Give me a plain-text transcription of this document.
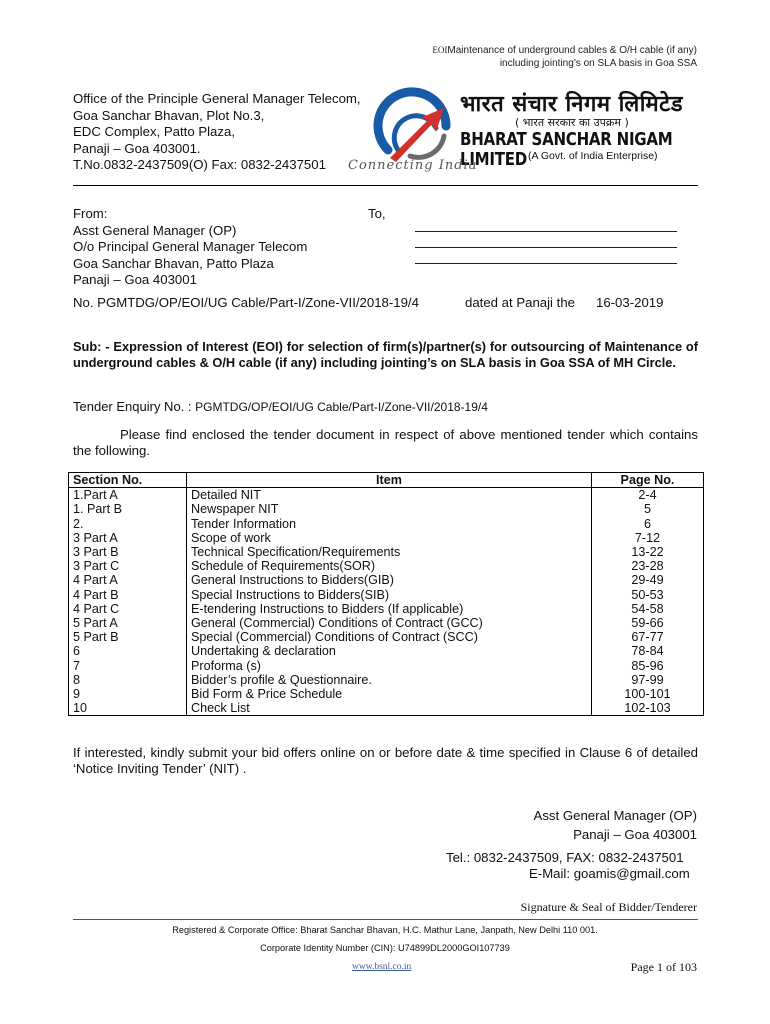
EOIMaintenance of underground cables & O/H cable (if any)
including jointing’s on SLA basis in Goa SSA
Office of the Principle General Manager Telecom,
Goa Sanchar Bhavan, Plot No.3,
EDC Complex, Patto Plaza,
Panaji – Goa 403001.
T.No.0832-2437509(O) Fax: 0832-2437501
भारत संचार निगम लिमिटेड
( भारत सरकार का उपक्रम )
BHARAT SANCHAR NIGAM LIMITED (A Govt. of India Enterprise)
Connecting India
From:
Asst General Manager (OP)
O/o Principal General Manager Telecom
Goa Sanchar Bhavan, Patto Plaza
Panaji – Goa 403001
To,
No. PGMTDG/OP/EOI/UG Cable/Part-I/Zone-VII/2018-19/4	dated at Panaji the 16-03-2019
Sub: - Expression of Interest (EOI) for selection of firm(s)/partner(s) for outsourcing of Maintenance of underground cables & O/H cable (if any) including jointing’s on SLA basis in Goa SSA of MH Circle.
Tender Enquiry No. : PGMTDG/OP/EOI/UG Cable/Part-I/Zone-VII/2018-19/4
Please find enclosed the tender document in respect of above mentioned tender which contains the following.
Section No.	Item	Page No.
1.Part A	Detailed NIT	2-4
1. Part B	Newspaper NIT	5
2.	Tender Information	6
3 Part A	Scope of work	7-12
3 Part B	Technical Specification/Requirements	13-22
3 Part C	Schedule of Requirements(SOR)	23-28
4 Part A	General Instructions to Bidders(GIB)	29-49
4 Part B	Special Instructions to Bidders(SIB)	50-53
4 Part C	E-tendering Instructions to Bidders (If applicable)	54-58
5 Part A	General (Commercial) Conditions of Contract (GCC)	59-66
5 Part B	Special (Commercial) Conditions of Contract (SCC)	67-77
6	Undertaking & declaration	78-84
7	Proforma (s)	85-96
8	Bidder’s profile & Questionnaire.	97-99
9	Bid Form & Price Schedule	100-101
10	Check List	102-103
If interested, kindly submit your bid offers online on or before date & time specified in Clause 6 of detailed ‘Notice Inviting Tender’ (NIT) .
Asst General Manager (OP)
Panaji – Goa 403001
Tel.: 0832-2437509, FAX: 0832-2437501
E-Mail: goamis@gmail.com
Signature & Seal of Bidder/Tenderer
Registered & Corporate Office: Bharat Sanchar Bhavan, H.C. Mathur Lane, Janpath, New Delhi 110 001.
Corporate Identity Number (CIN): U74899DL2000GOI107739
www.bsnl.co.in	Page 1 of 103
